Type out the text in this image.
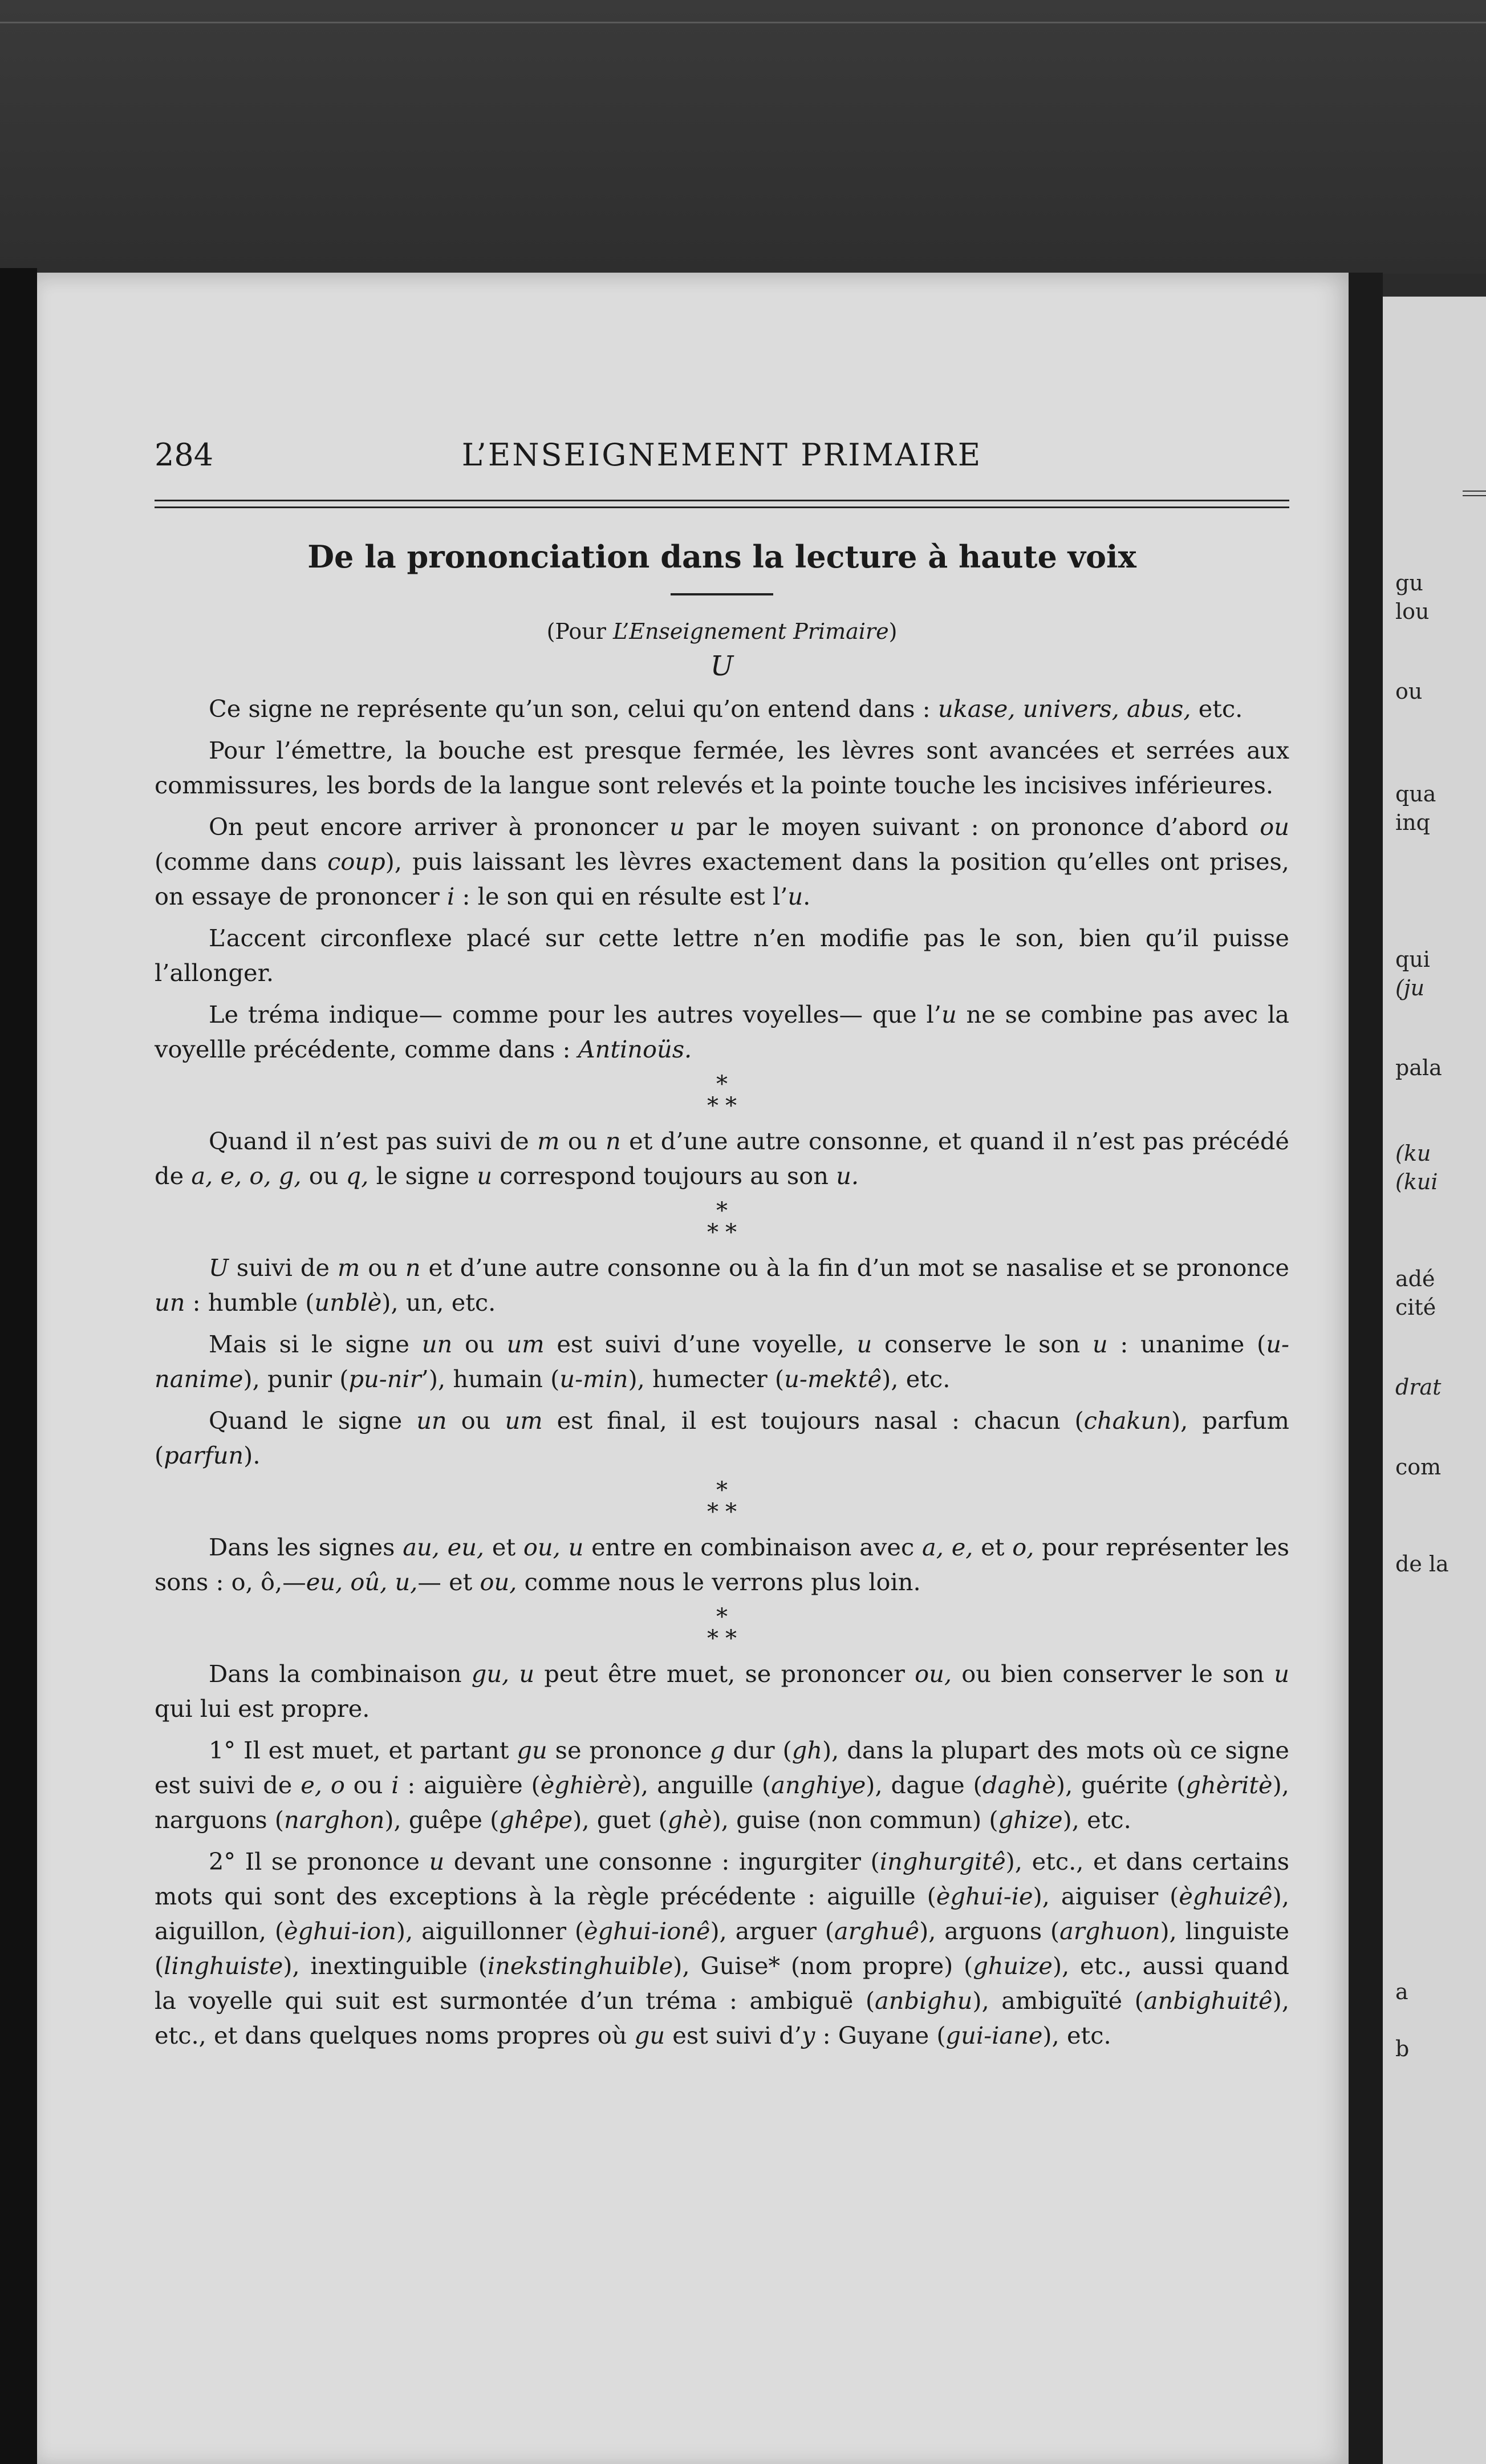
284	L’ENSEIGNEMENT PRIMAIRE
De la prononciation dans la lecture à haute voix
(Pour L’Enseignement Primaire)
U

Ce signe ne représente qu’un son, celui qu’on entend dans : ukase, univers, abus, etc.

Pour l’émettre, la bouche est presque fermée, les lèvres sont avancées et serrées aux commissures, les bords de la langue sont relevés et la pointe touche les incisives inférieures.

On peut encore arriver à prononcer u par le moyen suivant : on prononce d’abord ou (comme dans coup), puis laissant les lèvres exactement dans la position qu’elles ont prises, on essaye de prononcer i : le son qui en résulte est l’u.

L’accent circonflexe placé sur cette lettre n’en modifie pas le son, bien qu’il puisse l’allonger.

Le tréma indique— comme pour les autres voyelles— que l’u ne se combine pas avec la voyellle précédente, comme dans : Antinoüs.

*
**

Quand il n’est pas suivi de m ou n et d’une autre consonne, et quand il n’est pas précédé de a, e, o, g, ou q, le signe u correspond toujours au son u.

*
**

U suivi de m ou n et d’une autre consonne ou à la fin d’un mot se nasalise et se prononce un : humble (unblè), un, etc.

Mais si le signe un ou um est suivi d’une voyelle, u conserve le son u : unanime (u-nanime), punir (pu-nir’), humain (u-min), humecter (u-mektê), etc.

Quand le signe un ou um est final, il est toujours nasal : chacun (chakun), parfum (parfun).

*
**

Dans les signes au, eu, et ou, u entre en combinaison avec a, e, et o, pour représenter les sons : o, ô,—eu, oû, u,— et ou, comme nous le verrons plus loin.

*
**

Dans la combinaison gu, u peut être muet, se prononcer ou, ou bien conserver le son u qui lui est propre.

1° Il est muet, et partant gu se prononce g dur (gh), dans la plupart des mots où ce signe est suivi de e, o ou i : aiguière (èghièrè), anguille (anghiye), dague (daghè), guérite (ghèritè), narguons (narghon), guêpe (ghêpe), guet (ghè), guise (non commun) (ghize), etc.

2° Il se prononce u devant une consonne : ingurgiter (inghurgitê), etc., et dans certains mots qui sont des exceptions à la règle précédente : aiguille (èghui-ie), aiguiser (èghuizê), aiguillon, (èghui-ion), aiguillonner (èghui-ionê), arguer (arghuê), arguons (arghuon), linguiste (linghuiste), inextinguible (inekstinghuible), Guise* (nom propre) (ghuize), etc., aussi quand la voyelle qui suit est surmontée d’un tréma : ambiguë (anbighu), ambiguïté (anbighuitê), etc., et dans quelques noms propres où gu est suivi d’y : Guyane (gui-iane), etc.

gu
lou
ou
qua
inq
qui
(ju
pala
(ku
(kui
adé
cité
drat
com
de la
a
b
